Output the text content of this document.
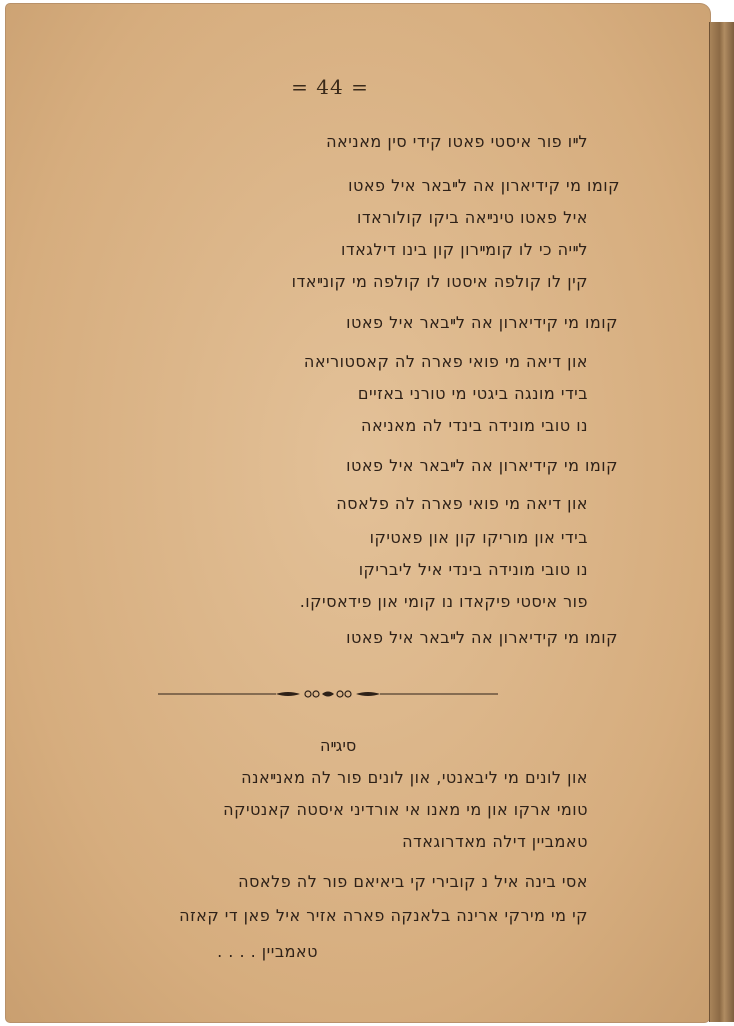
= 44 =
לײו פור איסטי פאטו קידי סין מאניאה
קומו מי קידיארון אה לײבאר איל פאטו
איל פאטו טינײאה ביקו קולוראדו
לײיה כי לו קומײרון קון בינו דילגאדו
קין לו קולפה איסטו לו קולפה מי קונײאדו
קומו מי קידיארון אה לײבאר איל פאטו
און דיאה מי פואי פארה לה קאסטוריאה
בידי מונגה ביגטי מי טורני באזיים
נו טובי מונידה בינדי לה מאניאה
קומו מי קידיארון אה לײבאר איל פאטו
און דיאה מי פואי פארה לה פלאסה
בידי און מוריקו קון און פאטיקו
נו טובי מונידה בינדי איל ליבריקו
פור איסטי פיקאדו נו קומי און פידאסיקו.
קומו מי קידיארון אה לײבאר איל פאטו
סיגײה
און לונים מי ליבאנטי, און לונים פור לה מאנײאנה
טומי ארקו און מי מאנו אי אורדיני איסטה קאנטיקה
טאמביין דילה מאדרוגאדה
אסי בינה איל נ קובירי קי ביאיאם פור לה פלאסה
קי מי מירקי ארינה בלאנקה פארה אזיר איל פאן די קאזה
טאמביין . . . .
